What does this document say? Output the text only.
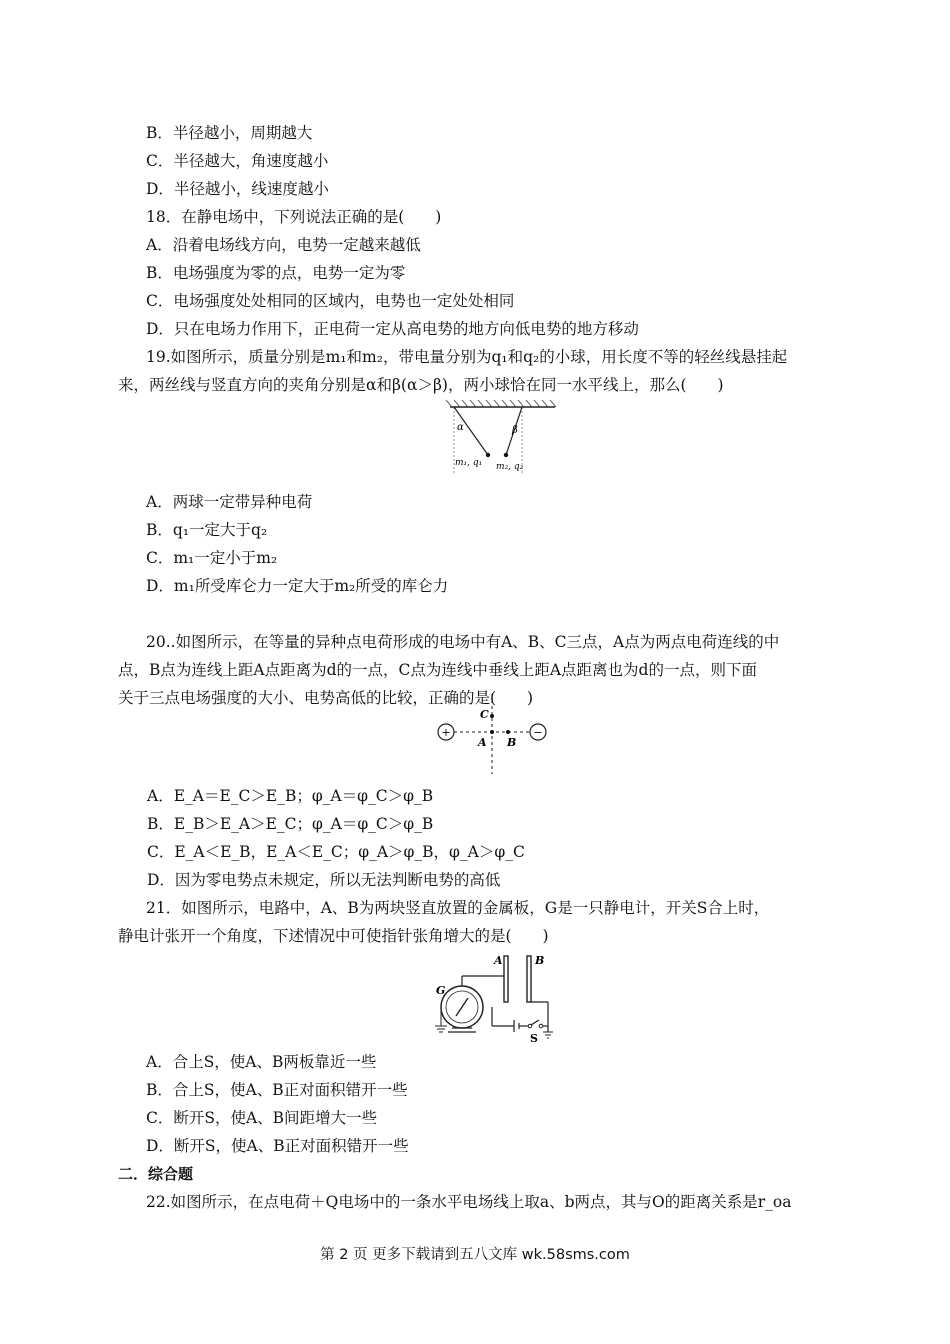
B．半径越小，周期越大
C．半径越大，角速度越小
D．半径越小，线速度越小
18．在静电场中，下列说法正确的是(　　)
A．沿着电场线方向，电势一定越来越低
B．电场强度为零的点，电势一定为零
C．电场强度处处相同的区域内，电势也一定处处相同
D．只在电场力作用下，正电荷一定从高电势的地方向低电势的地方移动
19.如图所示，质量分别是m₁和m₂，带电量分别为q₁和q₂的小球，用长度不等的轻丝线悬挂起
来，两丝线与竖直方向的夹角分别是α和β(α＞β)，两小球恰在同一水平线上，那么(　　)
α	β
m₁, q₁ m₂, q₂
A．两球一定带异种电荷
B．q₁一定大于q₂
C．m₁一定小于m₂
D．m₁所受库仑力一定大于m₂所受的库仑力
20..如图所示，在等量的异种点电荷形成的电场中有A、B、C三点，A点为两点电荷连线的中
点，B点为连线上距A点距离为d的一点，C点为连线中垂线上距A点距离也为d的一点，则下面
关于三点电场强度的大小、电势高低的比较，正确的是(　　)
+	−
C
A B
A．E_A＝E_C＞E_B；φ_A＝φ_C＞φ_B
B．E_B＞E_A＞E_C；φ_A＝φ_C＞φ_B
C．E_A＜E_B，E_A＜E_C；φ_A＞φ_B，φ_A＞φ_C
D．因为零电势点未规定，所以无法判断电势的高低
21．如图所示，电路中，A、B为两块竖直放置的金属板，G是一只静电计，开关S合上时，
静电计张开一个角度，下述情况中可使指针张角增大的是(　　)
A	B
G
S
A．合上S，使A、B两板靠近一些
B．合上S，使A、B正对面积错开一些
C．断开S，使A、B间距增大一些
D．断开S，使A、B正对面积错开一些
二．综合题
22.如图所示，在点电荷＋Q电场中的一条水平电场线上取a、b两点，其与O的距离关系是r_oa
第 2 页 更多下载请到五八文库 wk.58sms.com
